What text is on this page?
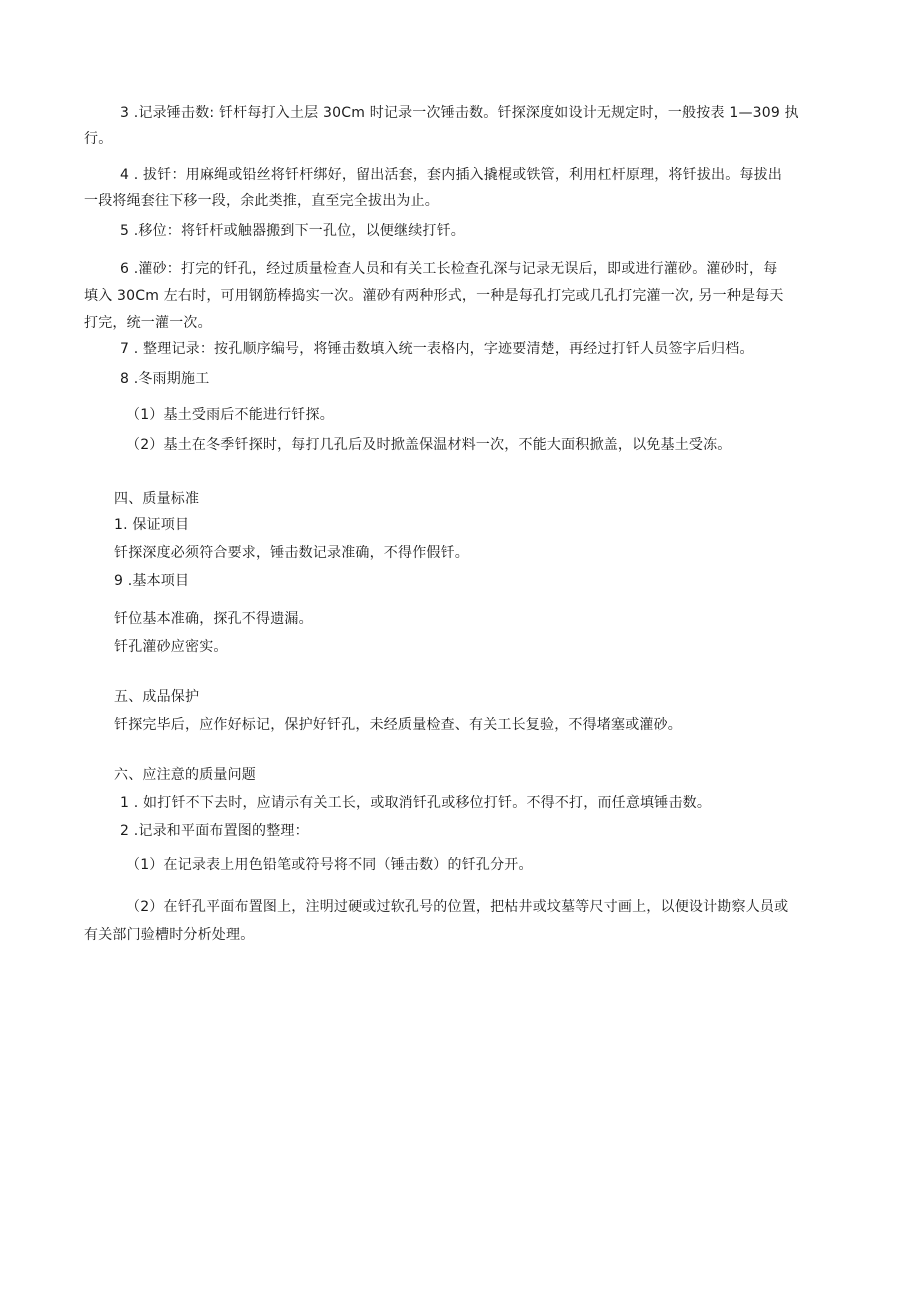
3 .记录锤击数: 钎杆每打入土层 30Cm 时记录一次锤击数。钎探深度如设计无规定时，一般按表 1—309 执

行。

4 . 拔钎：用麻绳或铅丝将钎杆绑好，留出活套，套内插入撬棍或铁管，利用杠杆原理，将钎拔出。每拔出

一段将绳套往下移一段，余此类推，直至完全拔出为止。

5 .移位：将钎杆或触器搬到下一孔位，以便继续打钎。

6 .灌砂：打完的钎孔，经过质量检查人员和有关工长检查孔深与记录无误后，即或进行灌砂。灌砂时，每

填入 30Cm 左右时，可用钢筋棒捣实一次。灌砂有两种形式，一种是每孔打完或几孔打完灌一次, 另一种是每天

打完，统一灌一次。

7 . 整理记录：按孔顺序编号，将锤击数填入统一表格内，字迹要清楚，再经过打钎人员签字后归档。

8 .冬雨期施工

（1）基土受雨后不能进行钎探。

（2）基土在冬季钎探时，每打几孔后及时掀盖保温材料一次，不能大面积掀盖，以免基土受冻。

四、质量标准

1. 保证项目

钎探深度必须符合要求，锤击数记录准确，不得作假钎。

9 .基本项目

钎位基本准确，探孔不得遗漏。

钎孔灌砂应密实。

五、成品保护

钎探完毕后，应作好标记，保护好钎孔，未经质量检查、有关工长复验，不得堵塞或灌砂。

六、应注意的质量问题

1 . 如打钎不下去时，应请示有关工长，或取消钎孔或移位打钎。不得不打，而任意填锤击数。

2 .记录和平面布置图的整理：

（1）在记录表上用色铅笔或符号将不同（锤击数）的钎孔分开。

（2）在钎孔平面布置图上，注明过硬或过软孔号的位置，把枯井或坟墓等尺寸画上，以便设计勘察人员或

有关部门验槽时分析处理。
